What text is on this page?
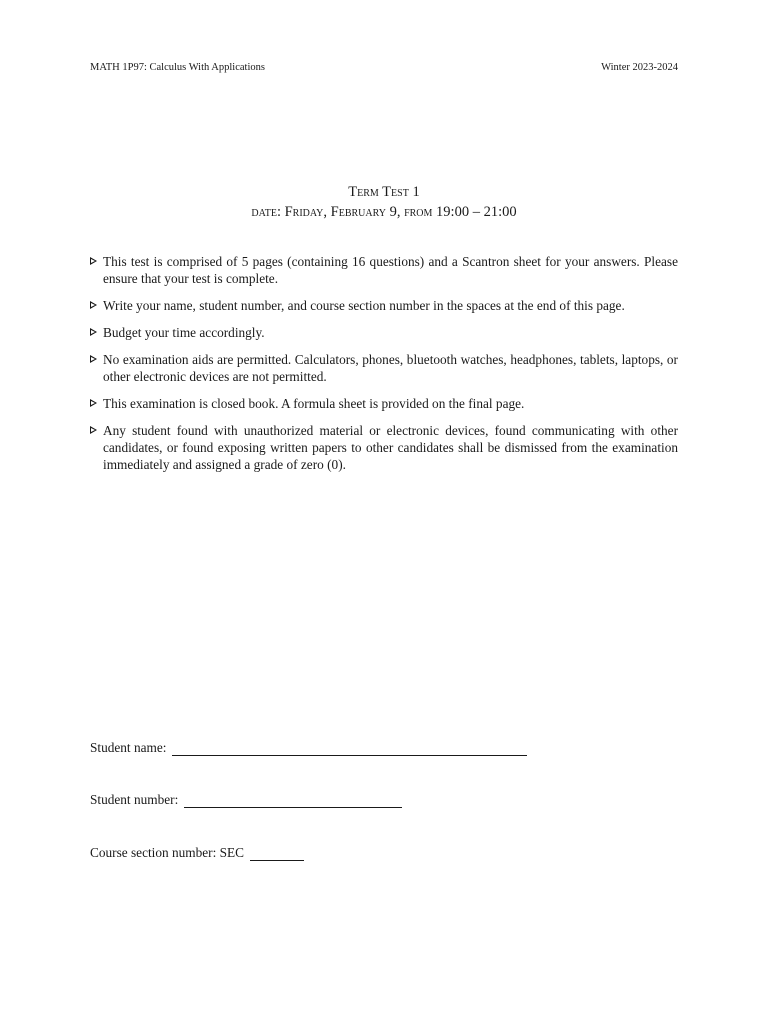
MATH 1P97: Calculus With Applications	Winter 2023-2024
Term Test 1
date: Friday, February 9, from 19:00 – 21:00
This test is comprised of 5 pages (containing 16 questions) and a Scantron sheet for your answers. Please ensure that your test is complete.
Write your name, student number, and course section number in the spaces at the end of this page.
Budget your time accordingly.
No examination aids are permitted. Calculators, phones, bluetooth watches, headphones, tablets, laptops, or other electronic devices are not permitted.
This examination is closed book. A formula sheet is provided on the final page.
Any student found with unauthorized material or electronic devices, found communicating with other candidates, or found exposing written papers to other candidates shall be dismissed from the examination immediately and assigned a grade of zero (0).
Student name:
Student number:
Course section number: SEC
